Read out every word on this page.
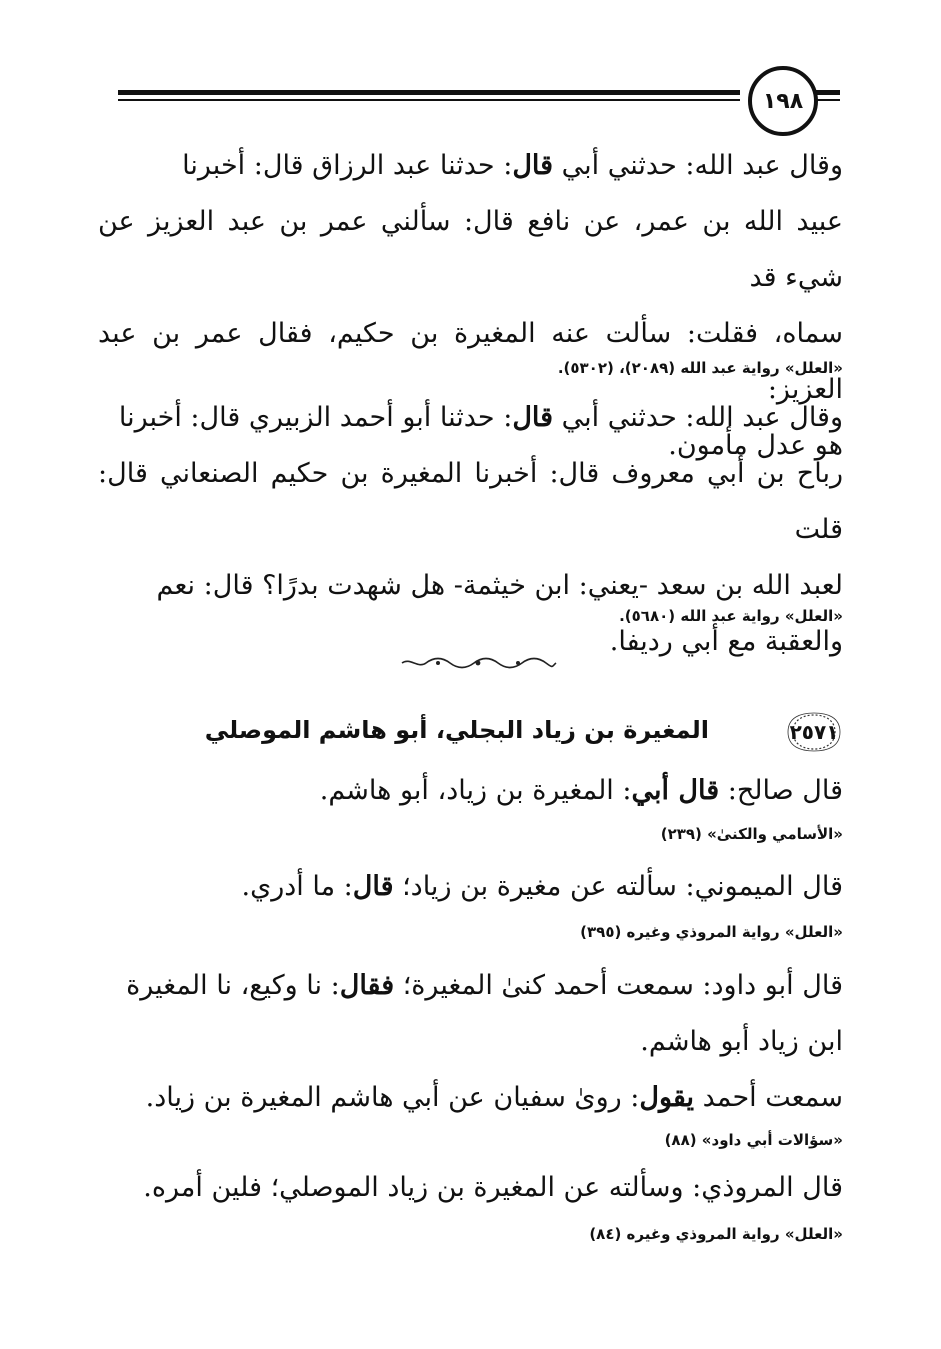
١٩٨
وقال عبد الله: حدثني أبي قال: حدثنا عبد الرزاق قال: أخبرنا
عبيد الله بن عمر، عن نافع قال: سألني عمر بن عبد العزيز عن شيء قد
سماه، فقلت: سألت عنه المغيرة بن حكيم، فقال عمر بن عبد العزيز:
هو عدل مأمون.
«العلل» رواية عبد الله (٢٠٨٩)، (٥٣٠٢).
وقال عبد الله: حدثني أبي قال: حدثنا أبو أحمد الزبيري قال: أخبرنا
رباح بن أبي معروف قال: أخبرنا المغيرة بن حكيم الصنعاني قال: قلت
لعبد الله بن سعد -يعني: ابن خيثمة- هل شهدت بدرًا؟ قال: نعم
والعقبة مع أبي رديفا.
«العلل» رواية عبد الله (٥٦٨٠).
٢٥٧١
المغيرة بن زياد البجلي، أبو هاشم الموصلي
قال صالح: قال أبي: المغيرة بن زياد، أبو هاشم.
«الأسامي والكنىٰ» (٢٣٩)
قال الميموني: سألته عن مغيرة بن زياد؛ قال: ما أدري.
«العلل» رواية المروذي وغيره (٣٩٥)
قال أبو داود: سمعت أحمد كنىٰ المغيرة؛ فقال: نا وكيع، نا المغيرة
ابن زياد أبو هاشم.
سمعت أحمد يقول: روىٰ سفيان عن أبي هاشم المغيرة بن زياد.
«سؤالات أبي داود» (٨٨)
قال المروذي: وسألته عن المغيرة بن زياد الموصلي؛ فلين أمره.
«العلل» رواية المروذي وغيره (٨٤)
